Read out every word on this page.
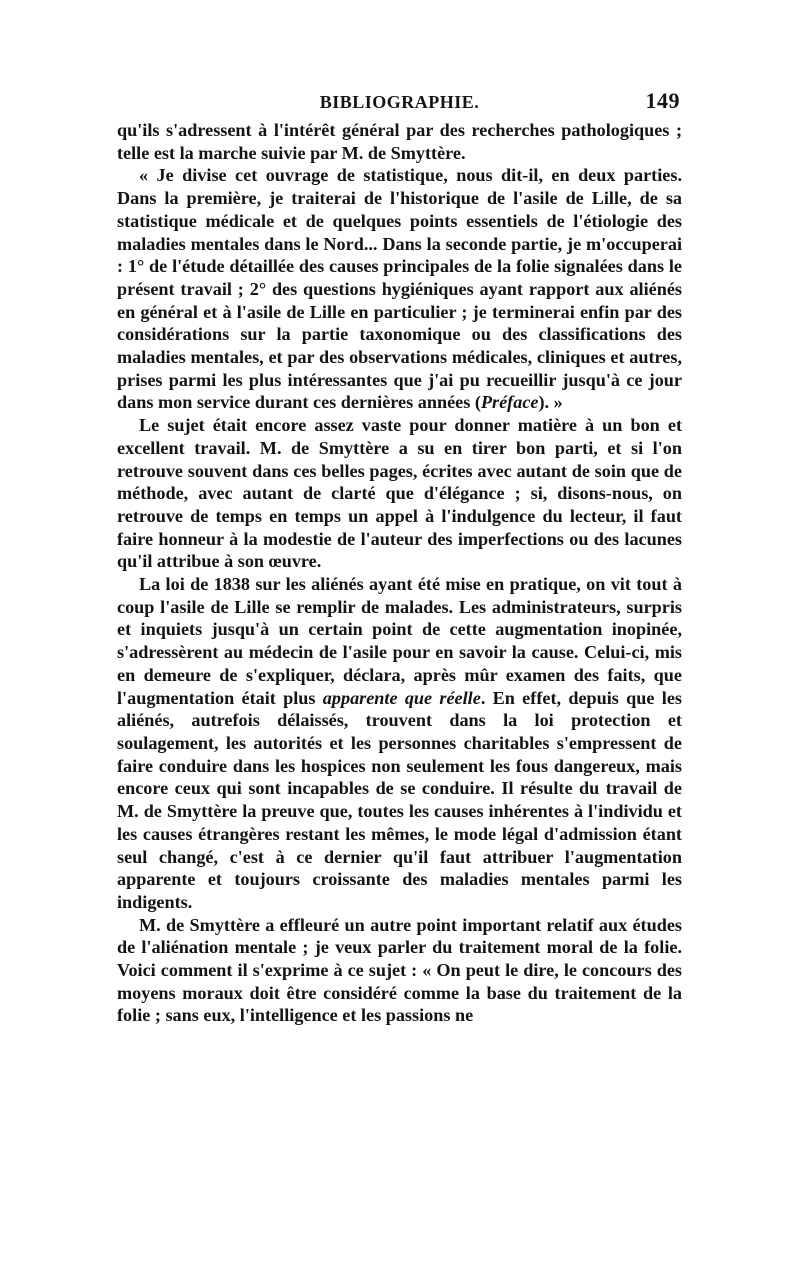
BIBLIOGRAPHIE.	149

qu'ils s'adressent à l'intérêt général par des recherches pathologiques ; telle est la marche suivie par M. de Smyttère.

« Je divise cet ouvrage de statistique, nous dit-il, en deux parties. Dans la première, je traiterai de l'historique de l'asile de Lille, de sa statistique médicale et de quelques points essentiels de l'étiologie des maladies mentales dans le Nord... Dans la seconde partie, je m'occuperai : 1° de l'étude détaillée des causes principales de la folie signalées dans le présent travail ; 2° des questions hygiéniques ayant rapport aux aliénés en général et à l'asile de Lille en particulier ; je terminerai enfin par des considérations sur la partie taxonomique ou des classifications des maladies mentales, et par des observations médicales, cliniques et autres, prises parmi les plus intéressantes que j'ai pu recueillir jusqu'à ce jour dans mon service durant ces dernières années (Préface). »

Le sujet était encore assez vaste pour donner matière à un bon et excellent travail. M. de Smyttère a su en tirer bon parti, et si l'on retrouve souvent dans ces belles pages, écrites avec autant de soin que de méthode, avec autant de clarté que d'élégance ; si, disons-nous, on retrouve de temps en temps un appel à l'indulgence du lecteur, il faut faire honneur à la modestie de l'auteur des imperfections ou des lacunes qu'il attribue à son œuvre.

La loi de 1838 sur les aliénés ayant été mise en pratique, on vit tout à coup l'asile de Lille se remplir de malades. Les administrateurs, surpris et inquiets jusqu'à un certain point de cette augmentation inopinée, s'adressèrent au médecin de l'asile pour en savoir la cause. Celui-ci, mis en demeure de s'expliquer, déclara, après mûr examen des faits, que l'augmentation était plus apparente que réelle. En effet, depuis que les aliénés, autrefois délaissés, trouvent dans la loi protection et soulagement, les autorités et les personnes charitables s'empressent de faire conduire dans les hospices non seulement les fous dangereux, mais encore ceux qui sont incapables de se conduire. Il résulte du travail de M. de Smyttère la preuve que, toutes les causes inhérentes à l'individu et les causes étrangères restant les mêmes, le mode légal d'admission étant seul changé, c'est à ce dernier qu'il faut attribuer l'augmentation apparente et toujours croissante des maladies mentales parmi les indigents.

M. de Smyttère a effleuré un autre point important relatif aux études de l'aliénation mentale ; je veux parler du traitement moral de la folie. Voici comment il s'exprime à ce sujet : « On peut le dire, le concours des moyens moraux doit être considéré comme la base du traitement de la folie ; sans eux, l'intelligence et les passions ne
